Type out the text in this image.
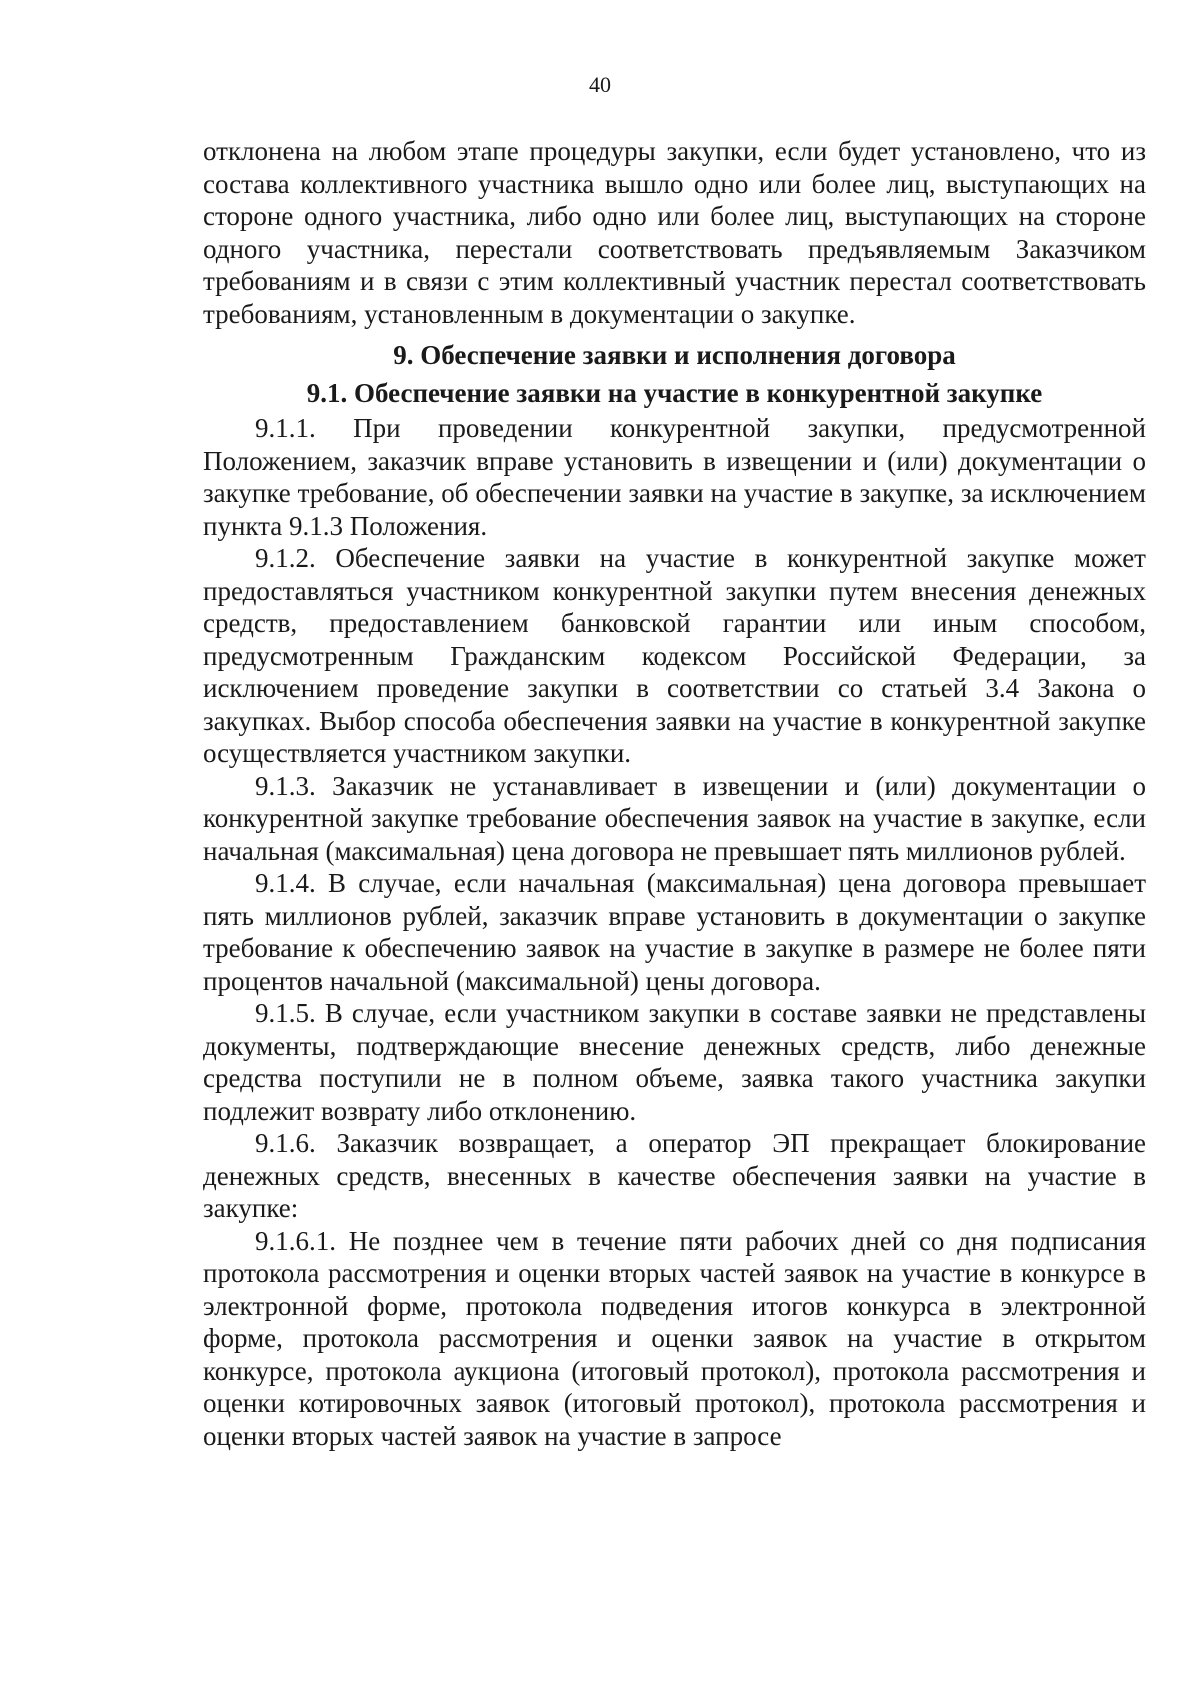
40

отклонена на любом этапе процедуры закупки, если будет установлено, что из состава коллективного участника вышло одно или более лиц, выступающих на стороне одного участника, либо одно или более лиц, выступающих на стороне одного участника, перестали соответствовать предъявляемым Заказчиком требованиям и в связи с этим коллективный участник перестал соответствовать требованиям, установленным в документации о закупке.

9. Обеспечение заявки и исполнения договора

9.1. Обеспечение заявки на участие в конкурентной закупке

9.1.1. При проведении конкурентной закупки, предусмотренной Положением, заказчик вправе установить в извещении и (или) документации о закупке требование, об обеспечении заявки на участие в закупке, за исключением пункта 9.1.3 Положения.

9.1.2. Обеспечение заявки на участие в конкурентной закупке может предоставляться участником конкурентной закупки путем внесения денежных средств, предоставлением банковской гарантии или иным способом, предусмотренным Гражданским кодексом Российской Федерации, за исключением проведение закупки в соответствии со статьей 3.4 Закона о закупках. Выбор способа обеспечения заявки на участие в конкурентной закупке осуществляется участником закупки.

9.1.3. Заказчик не устанавливает в извещении и (или) документации о конкурентной закупке требование обеспечения заявок на участие в закупке, если начальная (максимальная) цена договора не превышает пять миллионов рублей.

9.1.4. В случае, если начальная (максимальная) цена договора превышает пять миллионов рублей, заказчик вправе установить в документации о закупке требование к обеспечению заявок на участие в закупке в размере не более пяти процентов начальной (максимальной) цены договора.

9.1.5. В случае, если участником закупки в составе заявки не представлены документы, подтверждающие внесение денежных средств, либо денежные средства поступили не в полном объеме, заявка такого участника закупки подлежит возврату либо отклонению.

9.1.6. Заказчик возвращает, а оператор ЭП прекращает блокирование денежных средств, внесенных в качестве обеспечения заявки на участие в закупке:

9.1.6.1. Не позднее чем в течение пяти рабочих дней со дня подписания протокола рассмотрения и оценки вторых частей заявок на участие в конкурсе в электронной форме, протокола подведения итогов конкурса в электронной форме, протокола рассмотрения и оценки заявок на участие в открытом конкурсе, протокола аукциона (итоговый протокол), протокола рассмотрения и оценки котировочных заявок (итоговый протокол), протокола рассмотрения и оценки вторых частей заявок на участие в запросе
